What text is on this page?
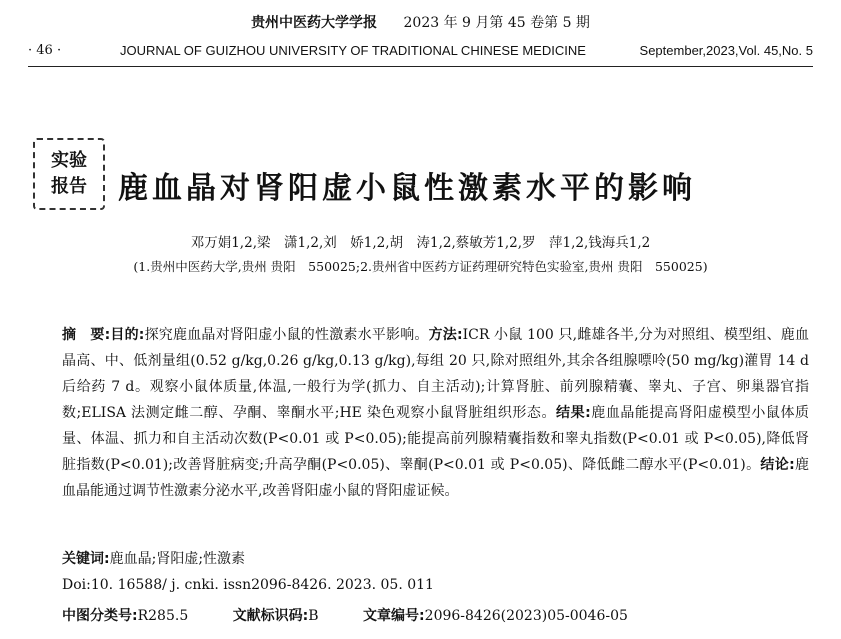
贵州中医药大学学报 2023 年 9 月第 45 卷第 5 期
· 46 ·	JOURNAL OF GUIZHOU UNIVERSITY OF TRADITIONAL CHINESE MEDICINE	September,2023,Vol. 45,No. 5
实验
报告 鹿血晶对肾阳虚小鼠性激素水平的影响
邓万娟1,2,梁　潇1,2,刘　娇1,2,胡　涛1,2,蔡敏芳1,2,罗　萍1,2,钱海兵1,2
(1.贵州中医药大学,贵州 贵阳　550025;2.贵州省中医药方证药理研究特色实验室,贵州 贵阳　550025)
摘　要:目的:探究鹿血晶对肾阳虚小鼠的性激素水平影响。方法:ICR 小鼠 100 只,雌雄各半,分为对照组、模型组、鹿血晶高、中、低剂量组(0.52 g/kg,0.26 g/kg,0.13 g/kg),每组 20 只,除对照组外,其余各组腺嘌呤(50 mg/kg)灌胃 14 d 后给药 7 d。观察小鼠体质量,体温,一般行为学(抓力、自主活动);计算肾脏、前列腺精囊、睾丸、子宫、卵巢器官指数;ELISA 法测定雌二醇、孕酮、睾酮水平;HE 染色观察小鼠肾脏组织形态。结果:鹿血晶能提高肾阳虚模型小鼠体质量、体温、抓力和自主活动次数(P<0.01 或 P<0.05);能提高前列腺精囊指数和睾丸指数(P<0.01 或 P<0.05),降低肾脏指数(P<0.01);改善肾脏病变;升高孕酮(P<0.05)、睾酮(P<0.01 或 P<0.05)、降低雌二醇水平(P<0.01)。结论:鹿血晶能通过调节性激素分泌水平,改善肾阳虚小鼠的肾阳虚证候。
关键词:鹿血晶;肾阳虚;性激素
Doi:10. 16588/ j. cnki. issn2096-8426. 2023. 05. 011
中图分类号:R285.5	文献标识码:B	文章编号:2096-8426(2023)05-0046-05
